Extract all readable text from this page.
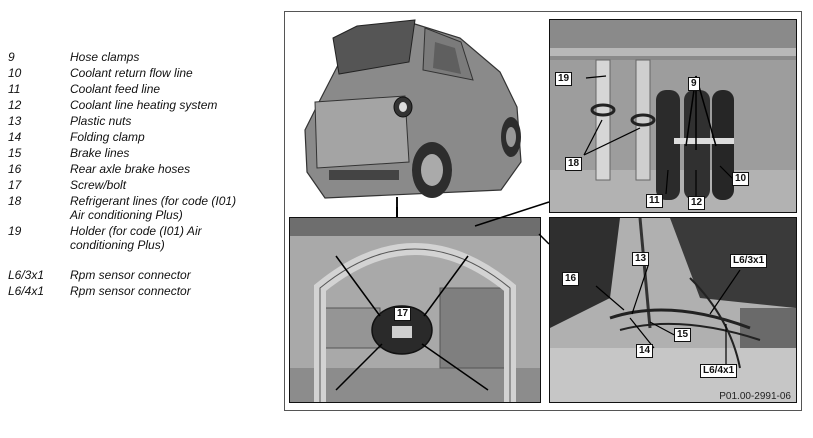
9	Hose clamps
10	Coolant return flow line
11	Coolant feed line
12	Coolant line heating system
13	Plastic nuts
14	Folding clamp
15	Brake lines
16	Rear axle brake hoses
17	Screw/bolt
18	Refrigerant lines (for code (I01) Air conditioning Plus)
19	Holder (for code (I01) Air conditioning Plus)
L6/3x1	Rpm sensor connector
L6/4x1	Rpm sensor connector
19	9
18
11	12
10
17
13
16
L6/3x1
15
14
L6/4x1
P01.00-2991-06
